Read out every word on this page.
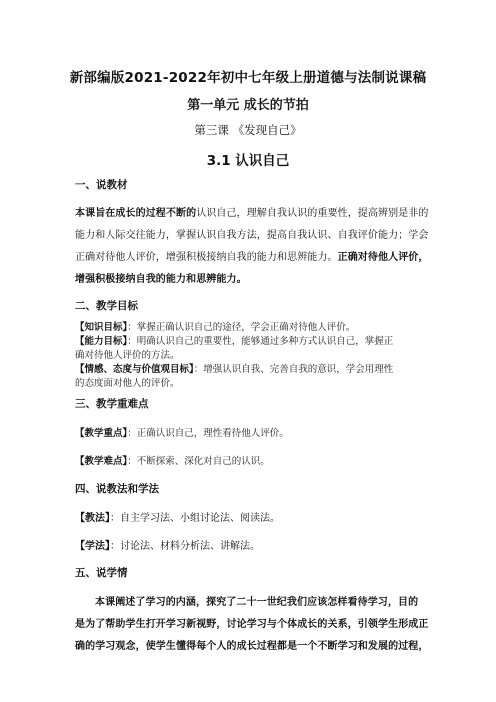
新部编版2021-2022年初中七年级上册道德与法制说课稿
第一单元 成长的节拍
第三课 《发现自己》
3.1 认识自己
一、说教材
本课旨在成长的过程不断的认识自己，理解自我认识的重要性，提高辨别是非的
能力和人际交往能力，掌握认识自我方法，提高自我认识、自我评价能力；学会
正确对待他人评价，增强积极接纳自我的能力和思辨能力。正确对待他人评价，
增强积极接纳自我的能力和思辨能力。
二、教学目标
【知识目标】：掌握正确认识自己的途径，学会正确对待他人评价。
【能力目标】：明确认识自己的重要性，能够通过多种方式认识自己，掌握正
确对待他人评价的方法。
【情感、态度与价值观目标】：增强认识自我、完善自我的意识，学会用理性
的态度面对他人的评价。
三、教学重难点
【教学重点】：正确认识自己，理性看待他人评价。
【教学难点】：不断探索、深化对自己的认识。
四、说教法和学法
【教法】：自主学习法、小组讨论法、阅读法。
【学法】：讨论法、材料分析法、讲解法。
五、说学情
本课阐述了学习的内涵，探究了二十一世纪我们应该怎样看待学习，目的
是为了帮助学生打开学习新视野，讨论学习与个体成长的关系，引领学生形成正
确的学习观念，使学生懂得每个人的成长过程都是一个不断学习和发展的过程，
